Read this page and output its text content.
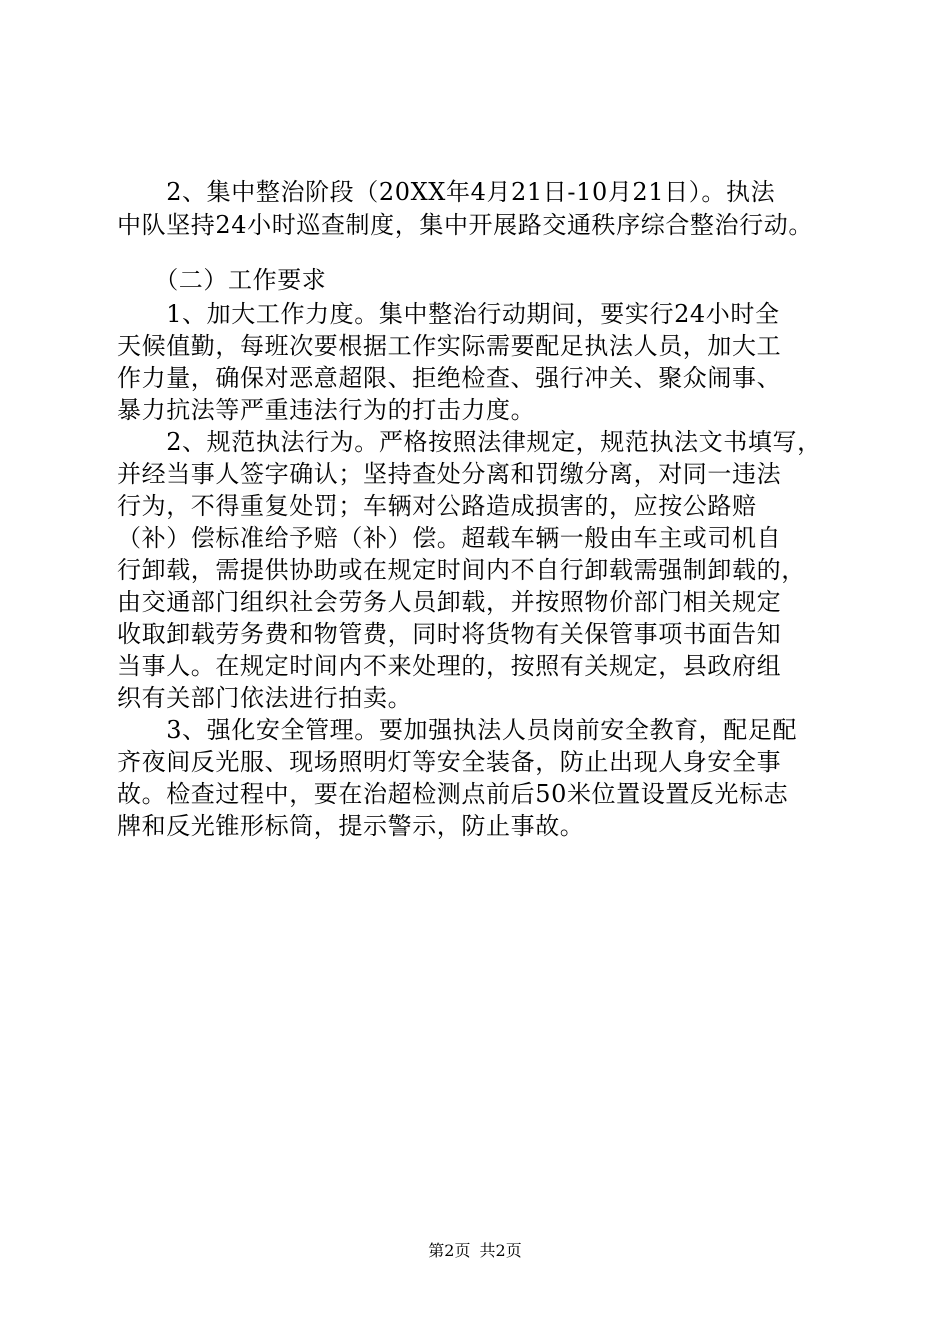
　　2、集中整治阶段（20XX年4月21日-10月21日）。执法
中队坚持24小时巡查制度，集中开展路交通秩序综合整治行动。
　　（二）工作要求
　　1、加大工作力度。集中整治行动期间，要实行24小时全
天候值勤，每班次要根据工作实际需要配足执法人员，加大工
作力量，确保对恶意超限、拒绝检查、强行冲关、聚众闹事、
暴力抗法等严重违法行为的打击力度。
　　2、规范执法行为。严格按照法律规定，规范执法文书填写，
并经当事人签字确认；坚持查处分离和罚缴分离，对同一违法
行为，不得重复处罚；车辆对公路造成损害的，应按公路赔
（补）偿标准给予赔（补）偿。超载车辆一般由车主或司机自
行卸载，需提供协助或在规定时间内不自行卸载需强制卸载的，
由交通部门组织社会劳务人员卸载，并按照物价部门相关规定
收取卸载劳务费和物管费，同时将货物有关保管事项书面告知
当事人。在规定时间内不来处理的，按照有关规定，县政府组
织有关部门依法进行拍卖。
　　3、强化安全管理。要加强执法人员岗前安全教育，配足配
齐夜间反光服、现场照明灯等安全装备，防止出现人身安全事
故。检查过程中，要在治超检测点前后50米位置设置反光标志
牌和反光锥形标筒，提示警示，防止事故。
第2页 共2页
